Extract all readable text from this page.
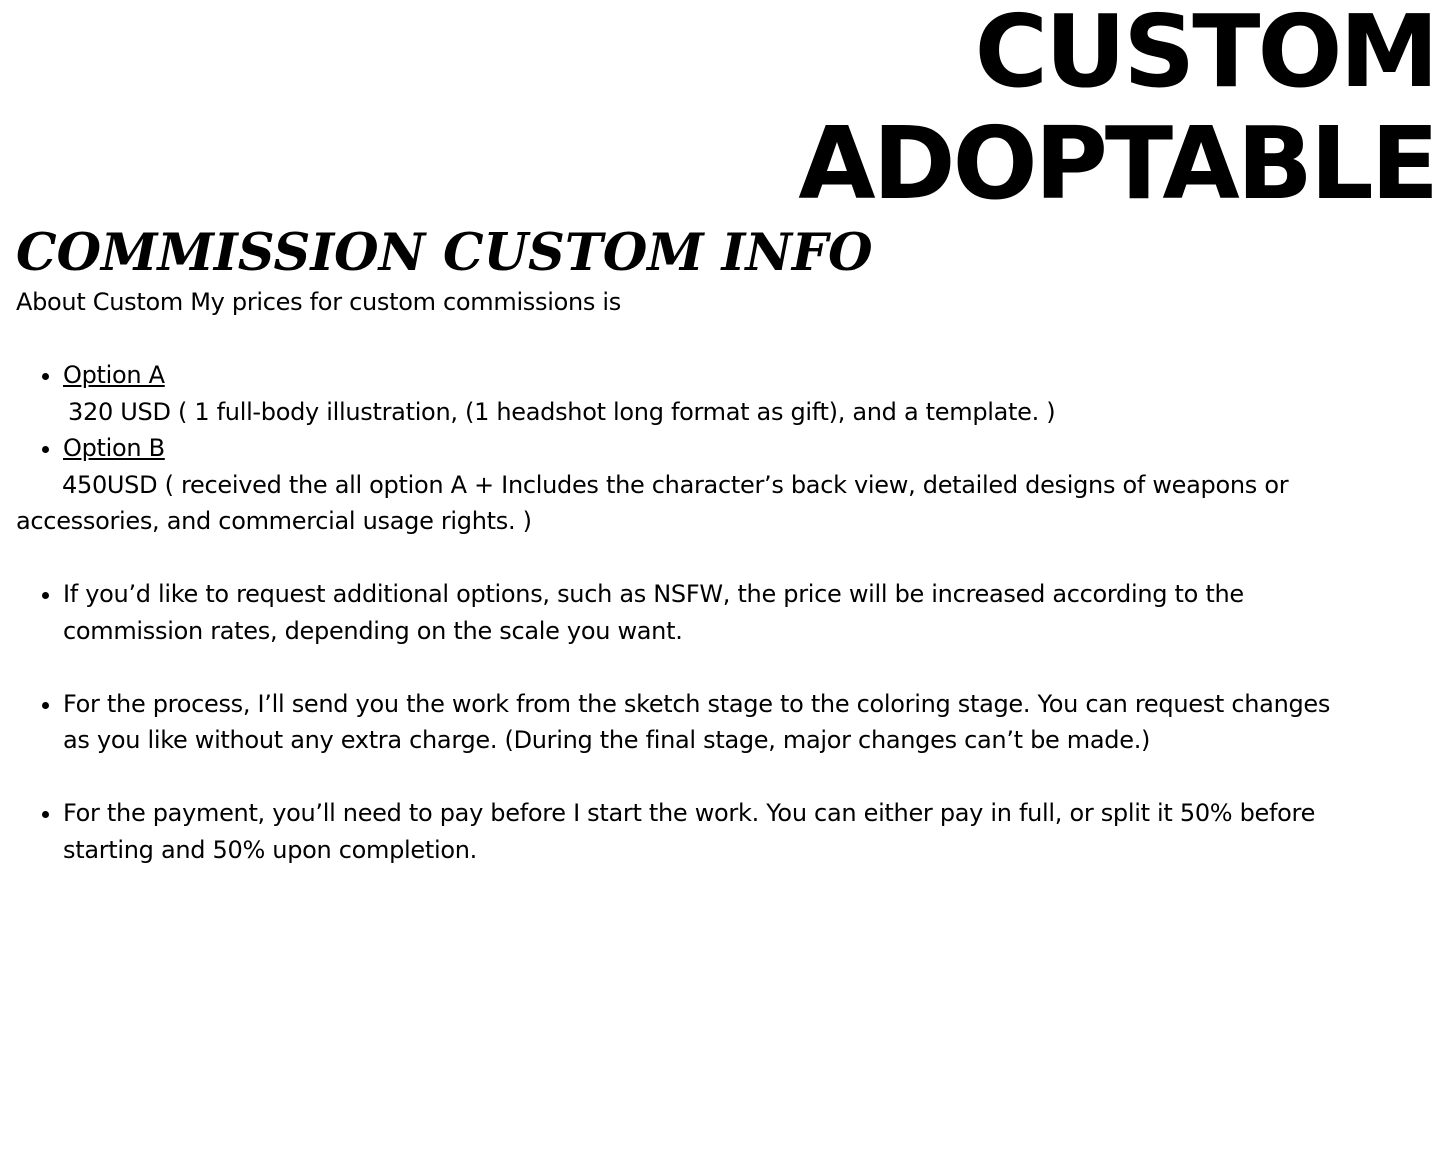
CUSTOM
ADOPTABLE
COMMISSION CUSTOM INFO

About Custom My prices for custom commissions is

• Option A
320 USD ( 1 full-body illustration, (1 headshot long format as gift), and a template. )
• Option B
450USD ( received the all option A + Includes the character’s back view, detailed designs of weapons or accessories, and commercial usage rights. )
• If you’d like to request additional options, such as NSFW, the price will be increased according to the commission rates, depending on the scale you want.
• For the process, I’ll send you the work from the sketch stage to the coloring stage. You can request changes as you like without any extra charge. (During the final stage, major changes can’t be made.)
• For the payment, you’ll need to pay before I start the work. You can either pay in full, or split it 50% before starting and 50% upon completion.
